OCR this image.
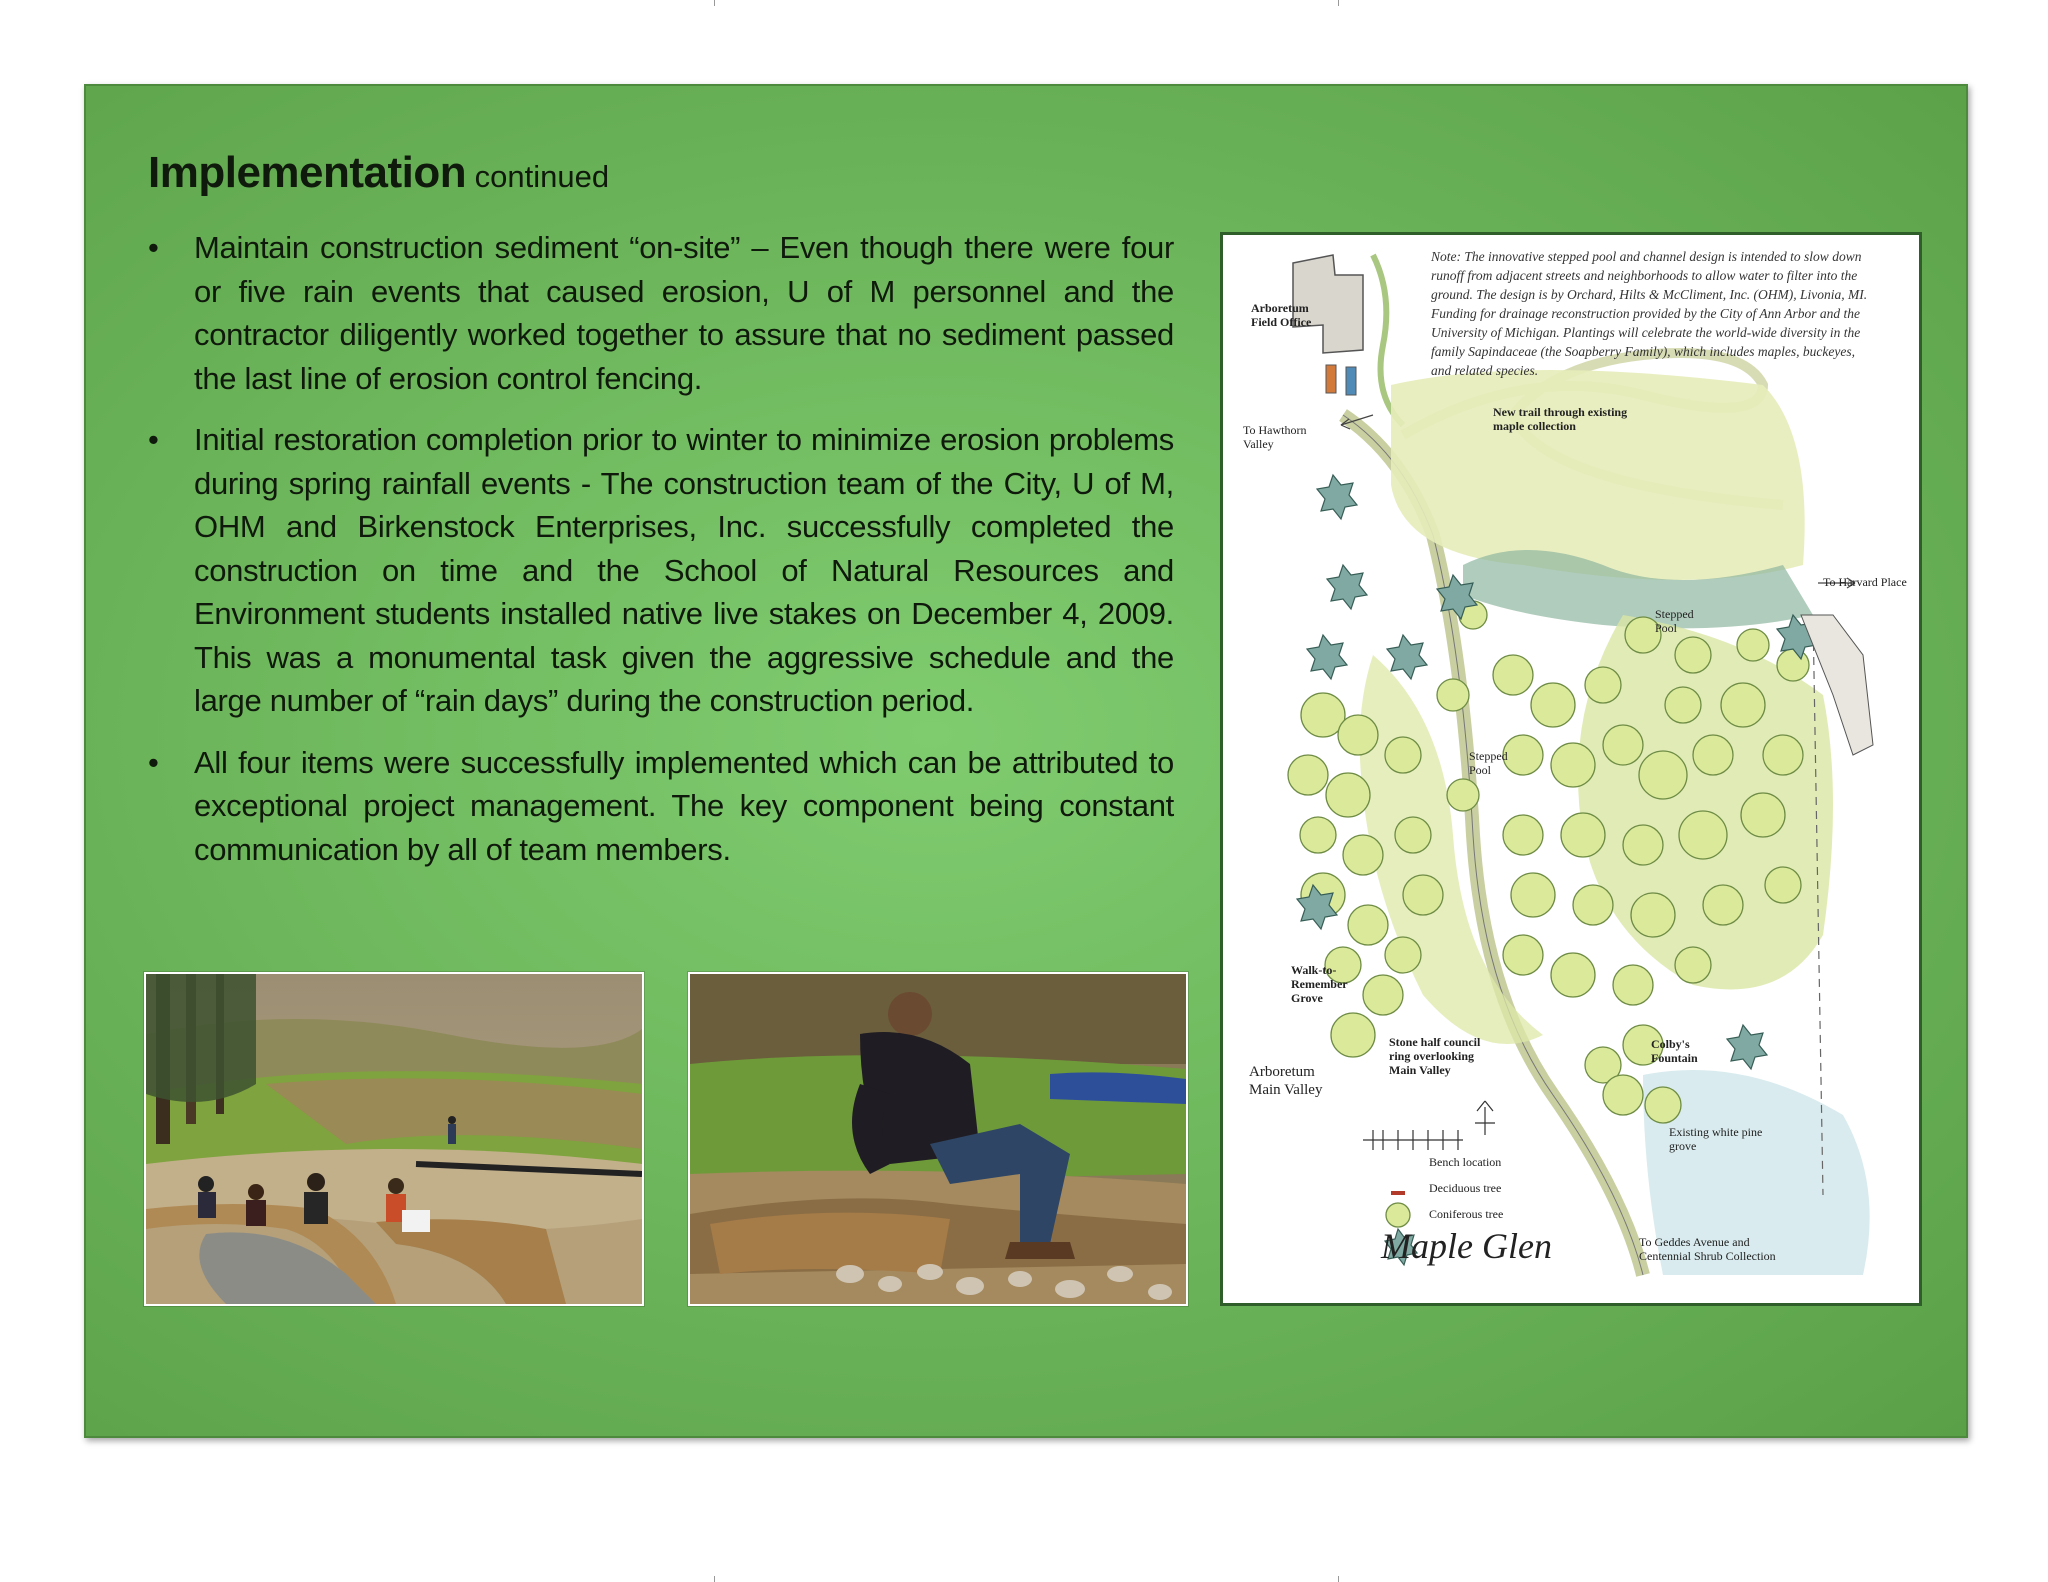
Implementation continued
• Maintain construction sediment “on-site” – Even though there were four or five rain events that caused erosion, U of M personnel and the contractor diligently worked together to assure that no sediment passed the last line of erosion control fencing.
• Initial restoration completion prior to winter to minimize erosion problems during spring rainfall events - The construction team of the City, U of M, OHM and Birkenstock Enterprises, Inc. successfully completed the construction on time and the School of Natural Resources and Environment students installed native live stakes on December 4, 2009. This was a monumental task given the aggressive schedule and the large number of “rain days” during the construction period.
• All four items were successfully implemented which can be attributed to exceptional project management. The key component being constant communication by all of team members.
Note: The innovative stepped pool and channel design is intended to slow down runoff from adjacent streets and neighborhoods to allow water to filter into the ground. The design is by Orchard, Hilts & McCliment, Inc. (OHM), Livonia, MI. Funding for drainage reconstruction provided by the City of Ann Arbor and the University of Michigan. Plantings will celebrate the world-wide diversity in the family Sapindaceae (the Soapberry Family), which includes maples, buckeyes, and related species.
Arboretum Field Office
To Hawthorn Valley
New trail through existing maple collection
To Harvard Place
Stepped Pool
Stepped Pool
Walk-to-Remember Grove
Stone half council ring overlooking Main Valley
Colby's Fountain
Arboretum Main Valley
Existing white pine grove
Bench location
Deciduous tree
Coniferous tree
Maple Glen	To Geddes Avenue and Centennial Shrub Collection
